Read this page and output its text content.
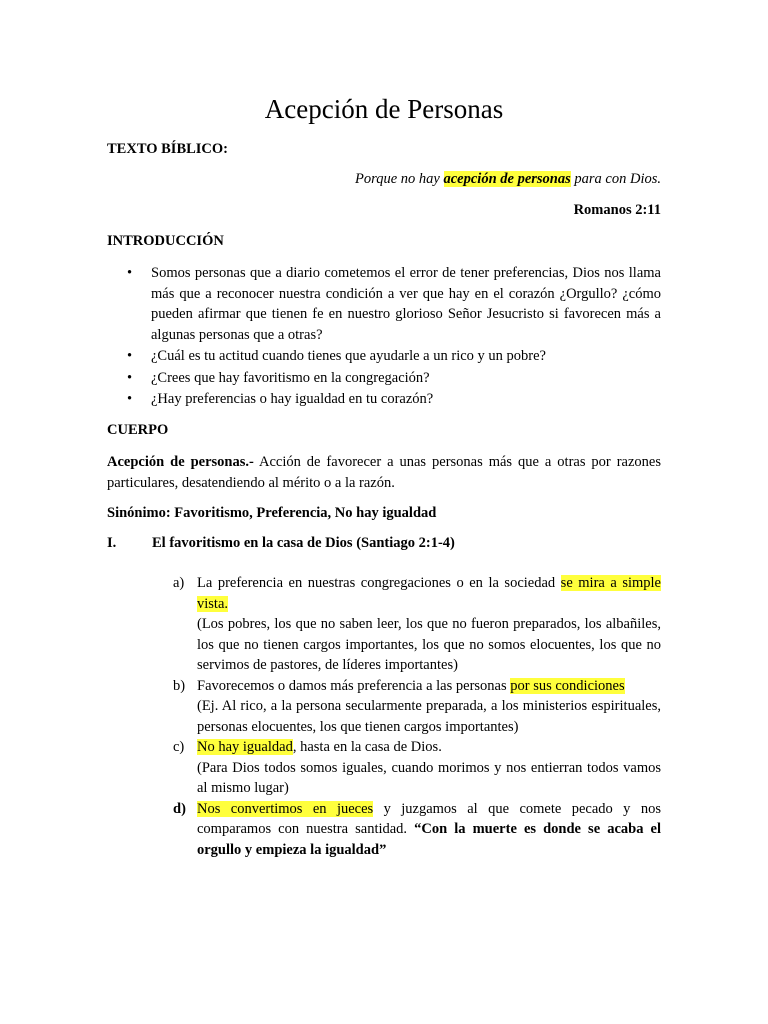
Acepción de Personas
TEXTO BÍBLICO:
Porque no hay acepción de personas para con Dios.
Romanos 2:11
INTRODUCCIÓN
• Somos personas que a diario cometemos el error de tener preferencias, Dios nos llama más que a reconocer nuestra condición a ver que hay en el corazón ¿Orgullo? ¿cómo pueden afirmar que tienen fe en nuestro glorioso Señor Jesucristo si favorecen más a algunas personas que a otras?
• ¿Cuál es tu actitud cuando tienes que ayudarle a un rico y un pobre?
• ¿Crees que hay favoritismo en la congregación?
• ¿Hay preferencias o hay igualdad en tu corazón?
CUERPO
Acepción de personas.- Acción de favorecer a unas personas más que a otras por razones particulares, desatendiendo al mérito o a la razón.
Sinónimo: Favoritismo, Preferencia, No hay igualdad
I. El favoritismo en la casa de Dios (Santiago 2:1-4)
a) La preferencia en nuestras congregaciones o en la sociedad se mira a simple vista.
(Los pobres, los que no saben leer, los que no fueron preparados, los albañiles, los que no tienen cargos importantes, los que no somos elocuentes, los que no servimos de pastores, de líderes importantes)
b) Favorecemos o damos más preferencia a las personas por sus condiciones
(Ej. Al rico, a la persona secularmente preparada, a los ministerios espirituales, personas elocuentes, los que tienen cargos importantes)
c) No hay igualdad, hasta en la casa de Dios.
(Para Dios todos somos iguales, cuando morimos y nos entierran todos vamos al mismo lugar)
d) Nos convertimos en jueces y juzgamos al que comete pecado y nos comparamos con nuestra santidad. “Con la muerte es donde se acaba el orgullo y empieza la igualdad”
